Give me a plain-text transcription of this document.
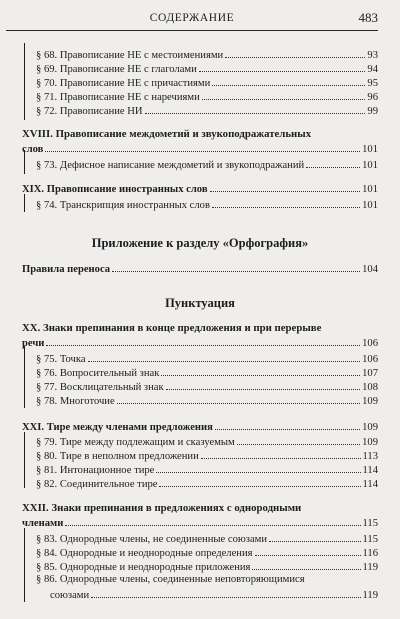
СОДЕРЖАНИЕ	483
§ 68. Правописание НЕ с местоимениями	93
§ 69. Правописание НЕ с глаголами	94
§ 70. Правописание НЕ с причастиями	95
§ 71. Правописание НЕ с наречиями	96
§ 72. Правописание НИ	99
XVIII. Правописание междометий и звукоподражательных
слов	101
§ 73. Дефисное написание междометий и звукоподражаний	101
XIX. Правописание иностранных слов	101
§ 74. Транскрипция иностранных слов	101
Приложение к разделу «Орфография»
Правила переноса	104
Пунктуация
XX. Знаки препинания в конце предложения и при перерыве
речи	106
§ 75. Точка	106
§ 76. Вопросительный знак	107
§ 77. Восклицательный знак	108
§ 78. Многоточие	109
XXI. Тире между членами предложения	109
§ 79. Тире между подлежащим и сказуемым	109
§ 80. Тире в неполном предложении	113
§ 81. Интонационное тире	114
§ 82. Соединительное тире	114
XXII. Знаки препинания в предложениях с однородными
членами	115
§ 83. Однородные члены, не соединенные союзами	115
§ 84. Однородные и неоднородные определения	116
§ 85. Однородные и неоднородные приложения	119
§ 86. Однородные члены, соединенные неповторяющимися
союзами	119
